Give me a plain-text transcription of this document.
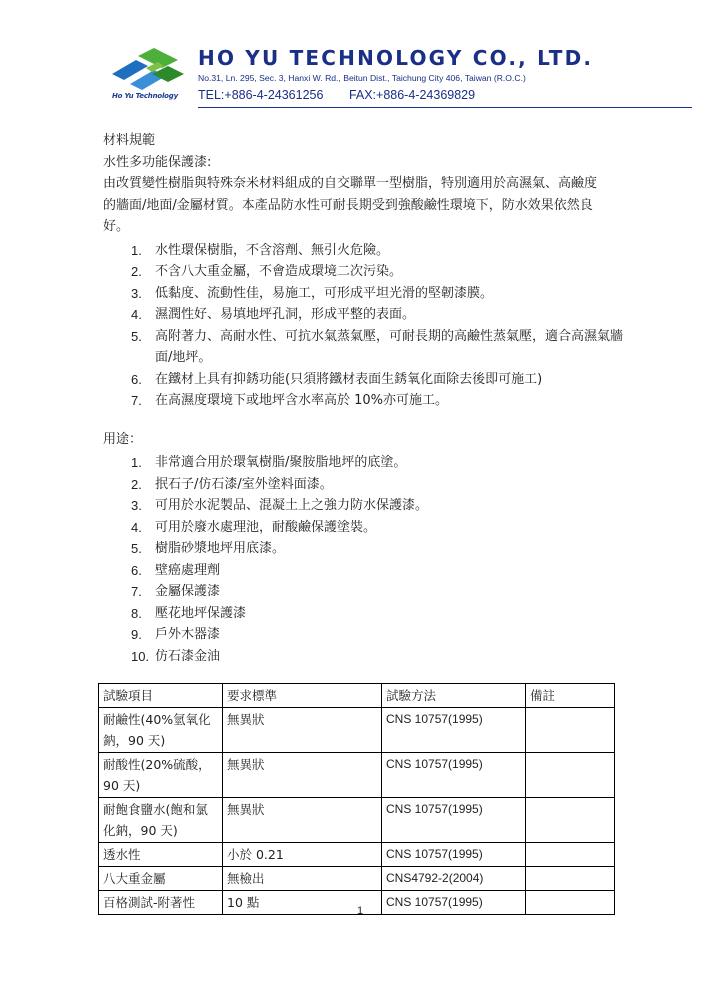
Ho Yu Technology
HO YU TECHNOLOGY CO., LTD.
No.31, Ln. 295, Sec. 3, Hanxi W. Rd., Beitun Dist., Taichung City 406, Taiwan (R.O.C.)
TEL:+886-4-24361256 FAX:+886-4-24369829

材料規範

水性多功能保護漆:

由改質變性樹脂與特殊奈米材料組成的自交聯單一型樹脂，特別適用於高濕氣、高鹼度的牆面/地面/金屬材質。本產品防水性可耐長期受到強酸鹼性環境下，防水效果依然良好。

1. 水性環保樹脂，不含溶劑、無引火危險。
2. 不含八大重金屬，不會造成環境二次污染。
3. 低黏度、流動性佳，易施工，可形成平坦光滑的堅韌漆膜。
4. 濕潤性好、易填地坪孔洞，形成平整的表面。
5. 高附著力、高耐水性、可抗水氣蒸氣壓，可耐長期的高鹼性蒸氣壓，適合高濕氣牆面/地坪。
6. 在鐵材上具有抑銹功能(只須將鐵材表面生銹氧化面除去後即可施工)
7. 在高濕度環境下或地坪含水率高於 10%亦可施工。

用途：

1. 非常適合用於環氧樹脂/聚胺脂地坪的底塗。
2. 抿石子/仿石漆/室外塗料面漆。
3. 可用於水泥製品、混凝土上之強力防水保護漆。
4. 可用於廢水處理池，耐酸鹼保護塗裝。
5. 樹脂砂漿地坪用底漆。
6. 壁癌處理劑
7. 金屬保護漆
8. 壓花地坪保護漆
9. 戶外木器漆
10. 仿石漆金油
試驗項目	要求標準	試驗方法	備註
耐鹼性(40%氫氧化鈉，90 天)	無異狀	CNS 10757(1995)	
耐酸性(20%硫酸，90 天)	無異狀	CNS 10757(1995)	
耐飽食鹽水(飽和氯化鈉，90 天)	無異狀	CNS 10757(1995)	
透水性	小於 0.21	CNS 10757(1995)	
八大重金屬	無檢出	CNS4792-2(2004)	
百格測試-附著性	10 點	CNS 10757(1995)	
1
